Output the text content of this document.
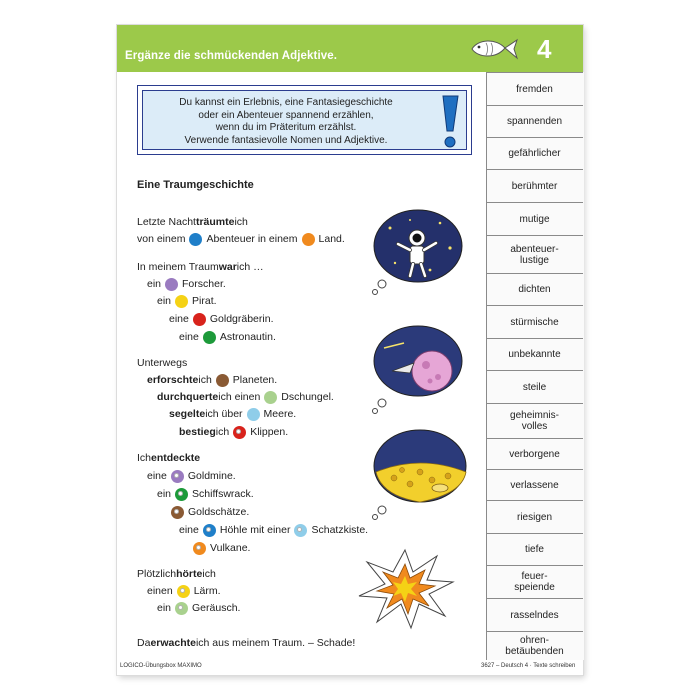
Ergänze die schmückenden Adjektive.	4
Du kannst ein Erlebnis, eine Fantasiegeschichte
oder ein Abenteuer spannend erzählen,
wenn du im Präteritum erzählst.
Verwende fantasievolle Nomen und Adjektive.
Eine Traumgeschichte
Letzte Nacht träumte ich
von einem Abenteuer in einem Land.
In meinem Traum war ich …
ein Forscher.
ein Pirat.
eine Goldgräberin.
eine Astronautin.
Unterwegs
erforschte ich Planeten.
durchquerte ich einen Dschungel.
segelte ich über Meere.
bestieg ich Klippen.
Ich entdeckte
eine Goldmine.
ein Schiffswrack.
Goldschätze.
eine Höhle mit einer Schatzkiste.
Vulkane.
Plötzlich hörte ich
einen Lärm.
ein Geräusch.
Da erwachte ich aus meinem Traum. – Schade!
LOGICO-Übungsbox MAXIMO	3627 – Deutsch 4 · Texte schreiben
fremden
spannenden
gefährlicher
berühmter
mutige
abenteuer-
lustige
dichten
stürmische
unbekannte
steile
geheimnis-
volles
verborgene
verlassene
riesigen
tiefe
feuer-
speiende
rasselndes
ohren-
betäubenden
